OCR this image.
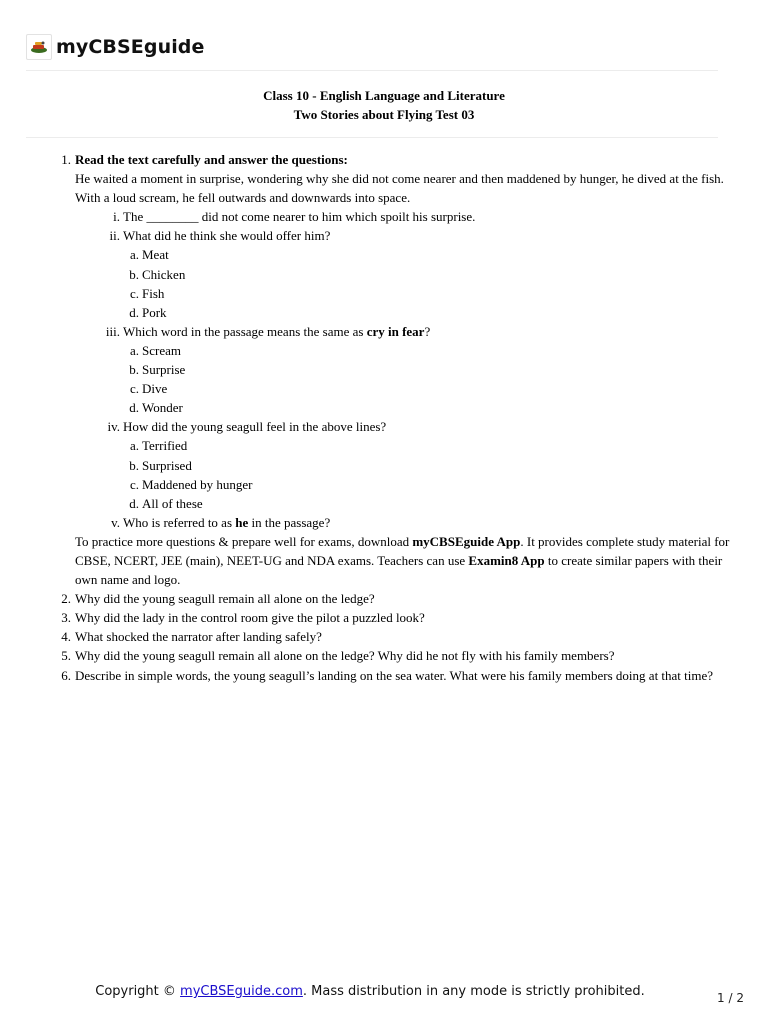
myCBSEguide
Class 10 - English Language and Literature
Two Stories about Flying Test 03
1. Read the text carefully and answer the questions:

He waited a moment in surprise, wondering why she did not come nearer and then maddened by hunger, he dived at the fish. With a loud scream, he fell outwards and downwards into space.

i. The ________ did not come nearer to him which spoilt his surprise.
ii. What did he think she would offer him?
a. Meat
b. Chicken
c. Fish
d. Pork
iii. Which word in the passage means the same as cry in fear?
a. Scream
b. Surprise
c. Dive
d. Wonder
iv. How did the young seagull feel in the above lines?
a. Terrified
b. Surprised
c. Maddened by hunger
d. All of these
v. Who is referred to as he in the passage?

To practice more questions & prepare well for exams, download myCBSEguide App. It provides complete study material for CBSE, NCERT, JEE (main), NEET-UG and NDA exams. Teachers can use Examin8 App to create similar papers with their own name and logo.

2. Why did the young seagull remain all alone on the ledge?
3. Why did the lady in the control room give the pilot a puzzled look?
4. What shocked the narrator after landing safely?
5. Why did the young seagull remain all alone on the ledge? Why did he not fly with his family members?
6. Describe in simple words, the young seagull’s landing on the sea water. What were his family members doing at that time?
Copyright © myCBSEguide.com. Mass distribution in any mode is strictly prohibited.	1 / 2
